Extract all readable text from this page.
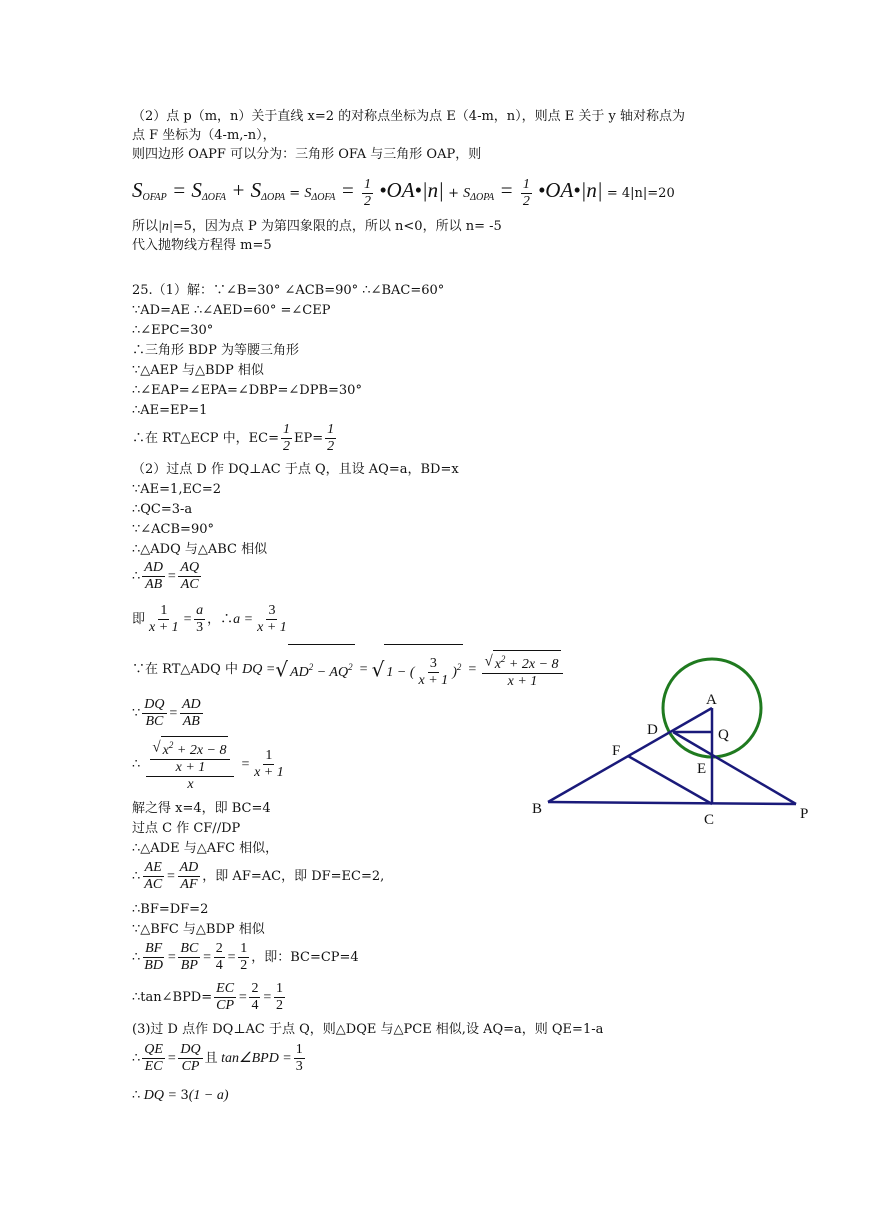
（2）点 p（m，n）关于直线 x=2 的对称点坐标为点 E（4-m，n），则点 E 关于 y 轴对称点为
点 F 坐标为（4-m,-n），
则四边形 OAPF 可以分为：三角形 OFA 与三角形 OAP，则
$S_{OFAP} = S_{\Delta OFA} + S_{\Delta OPA} = S_{\Delta OFA} = \frac{1}{2}$ •OA•|n| + $S_{\Delta OPA} = \frac{1}{2}$ •OA•|n| = 4|n|=20
所以|n|=5，因为点 P 为第四象限的点，所以 n<0，所以 n= -5
代入抛物线方程得 m=5
25.（1）解：∵∠B=30° ∠ACB=90° ∴∠BAC=60°
∵AD=AE ∴∠AED=60° =∠CEP
∴∠EPC=30°
∴三角形 BDP 为等腰三角形
∵△AEP 与△BDP 相似
∴∠EAP=∠EPA=∠DBP=∠DPB=30°
∴AE=EP=1
∴在 RT△ECP 中，$EC= \frac{1}{2} EP= \frac{1}{2}$
（2）过点 D 作 DQ⊥AC 于点 Q，且设 AQ=a，BD=x
∵AE=1,EC=2
∴QC=3-a
∵∠ACB=90°
∴△ADQ 与△ABC 相似
∴ $\frac{AD}{AB} = \frac{AQ}{AC}$
即 $\frac{1}{x + 1} = \frac{a}{3}$ ，∴a = $\frac{3}{x + 1}$
∵在 RT△ADQ 中 DQ =√ $AD^2 - AQ^2$ = √ 1 − ( $\frac{3}{x + 1} )^2 = \frac{√ x^2 + 2x - 8}{x + 1}$
∵ $\frac{DQ}{BC} = \frac{AD}{AB}$
∴ $\frac{\frac{√ x^2 + 2x - 8}{x + 1}}{x} = \frac{1}{x + 1}$
解之得 x=4，即 BC=4
过点 C 作 CF//DP
∴△ADE 与△AFC 相似，
∴ $\frac{AE}{AC} = \frac{AD}{AF}$ ，即 AF=AC，即 DF=EC=2,
∴BF=DF=2
∵△BFC 与△BDP 相似
∴ $\frac{BF}{BD} = \frac{BC}{BP} = \frac{2}{4} = \frac{1}{2}$ ，即：BC=CP=4
∴tan∠BPD= $\frac{EC}{CP} = \frac{2}{4} = \frac{1}{2}$
(3)过 D 点作 DQ⊥AC 于点 Q，则△DQE 与△PCE 相似,设 AQ=a，则 QE=1-a
∴ $\frac{QE}{EC} = \frac{DQ}{CP}$ 且 tan∠BPD = $\frac{1}{3}$
∴ DQ = 3(1 − a)
A
B
C
D
E
F
P
Q
